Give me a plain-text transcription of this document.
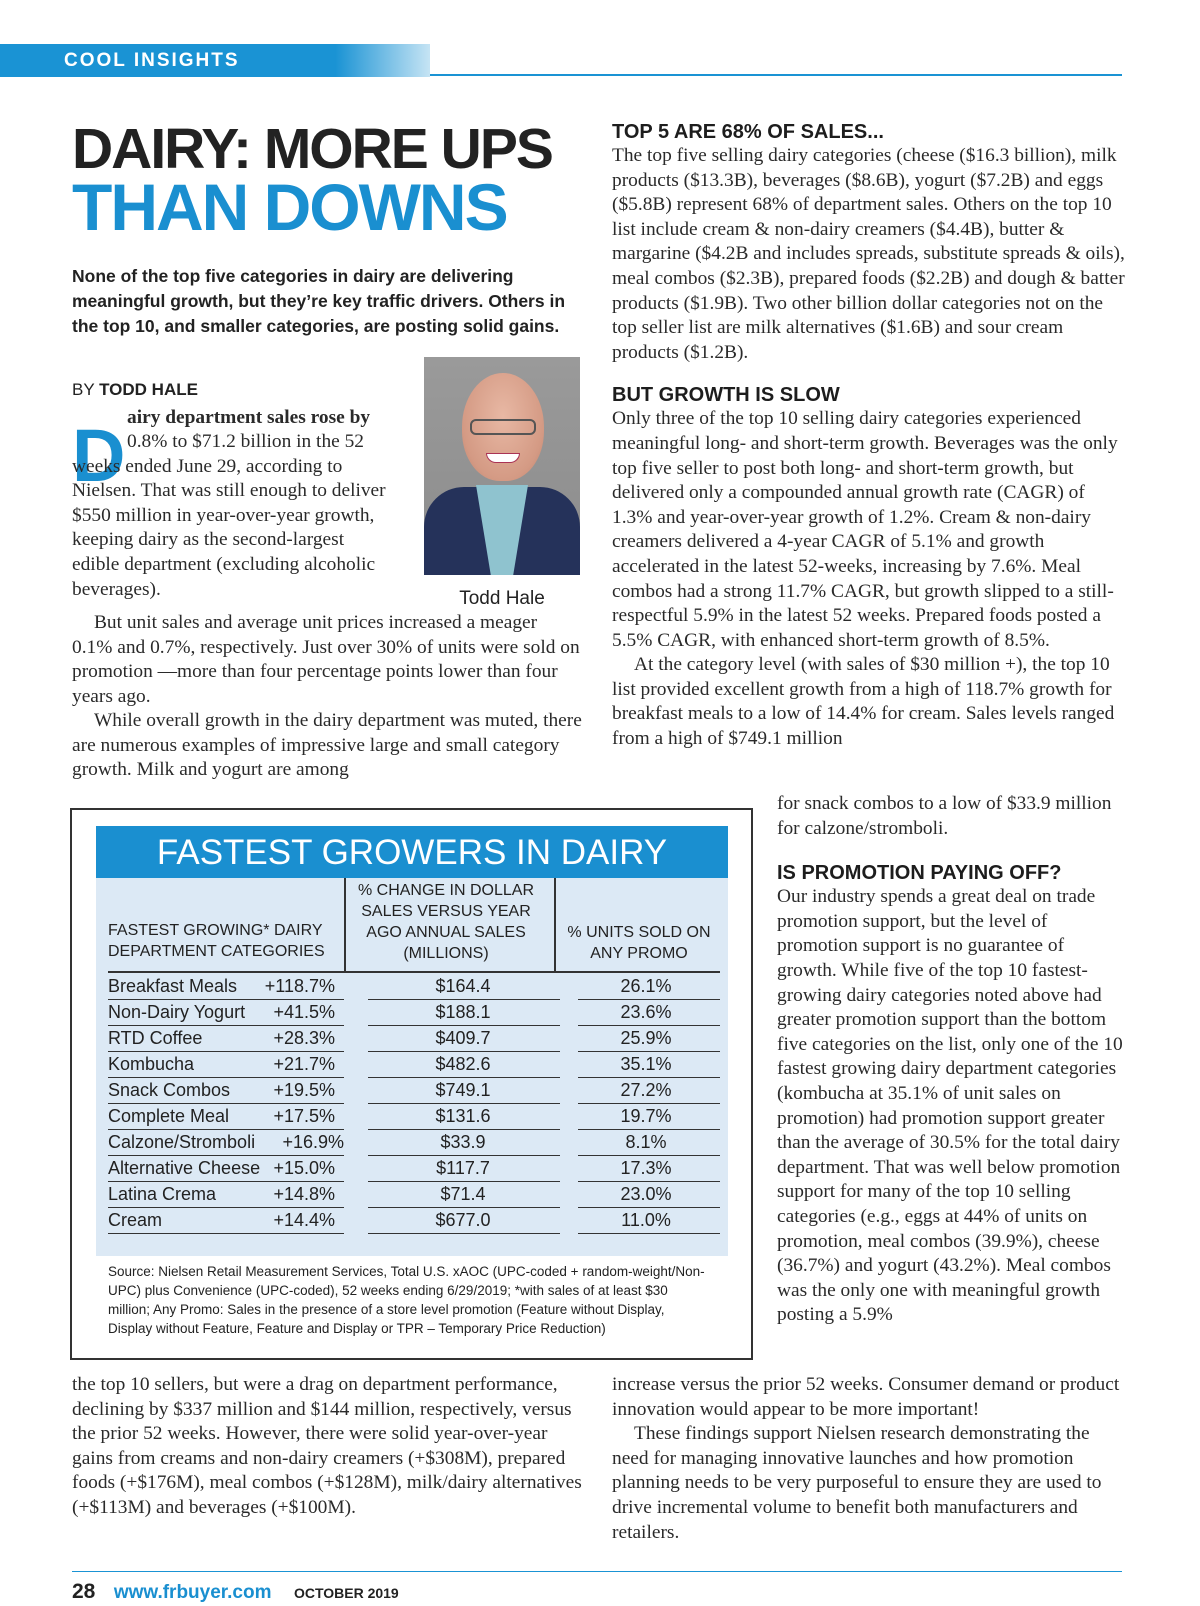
COOL INSIGHTS
DAIRY: MORE UPS
THAN DOWNS
None of the top five categories in dairy are delivering meaningful growth, but they’re key traffic drivers. Others in the top 10, and smaller categories, are posting solid gains.
BY TODD HALE
Todd Hale
D airy department sales rose by
0.8% to $71.2 billion in the 52 weeks ended June 29, according to Nielsen. That was still enough to deliver $550 million in year-over-year growth, keeping dairy as the second-largest edible department (excluding alcoholic beverages).
But unit sales and average unit prices increased a meager 0.1% and 0.7%, respectively. Just over 30% of units were sold on promotion —more than four percentage points lower than four years ago.
While overall growth in the dairy department was muted, there are numerous examples of impressive large and small category growth. Milk and yogurt are among
FASTEST GROWERS IN DAIRY
FASTEST GROWING* DAIRY DEPARTMENT CATEGORIES
% CHANGE IN DOLLAR SALES VERSUS YEAR AGO ANNUAL SALES (MILLIONS)
% UNITS SOLD ON ANY PROMO
Breakfast Meals	+118.7%	$164.4	26.1%
Non-Dairy Yogurt	+41.5%	$188.1	23.6%
RTD Coffee	+28.3%	$409.7	25.9%
Kombucha	+21.7%	$482.6	35.1%
Snack Combos	+19.5%	$749.1	27.2%
Complete Meal	+17.5%	$131.6	19.7%
Calzone/Stromboli	+16.9%	$33.9	8.1%
Alternative Cheese +15.0%	$117.7	17.3%
Latina Crema	+14.8%	$71.4	23.0%
Cream	+14.4%	$677.0	11.0%
Source: Nielsen Retail Measurement Services, Total U.S. xAOC (UPC-coded + random-weight/Non-UPC) plus Convenience (UPC-coded), 52 weeks ending 6/29/2019; *with sales of at least $30 million; Any Promo: Sales in the presence of a store level promotion (Feature without Display, Display without Feature, Feature and Display or TPR – Temporary Price Reduction)
the top 10 sellers, but were a drag on department performance, declining by $337 million and $144 million, respectively, versus the prior 52 weeks. However, there were solid year-over-year gains from creams and non-dairy creamers (+$308M), prepared foods (+$176M), meal combos (+$128M), milk/dairy alternatives (+$113M) and beverages (+$100M).
TOP 5 ARE 68% OF SALES...
The top five selling dairy categories (cheese ($16.3 billion), milk products ($13.3B), beverages ($8.6B), yogurt ($7.2B) and eggs ($5.8B) represent 68% of department sales. Others on the top 10 list include cream & non-dairy creamers ($4.4B), butter & margarine ($4.2B and includes spreads, substitute spreads & oils), meal combos ($2.3B), prepared foods ($2.2B) and dough & batter products ($1.9B). Two other billion dollar categories not on the top seller list are milk alternatives ($1.6B) and sour cream products ($1.2B).
BUT GROWTH IS SLOW
Only three of the top 10 selling dairy categories experienced meaningful long- and short-term growth. Beverages was the only top five seller to post both long- and short-term growth, but delivered only a compounded annual growth rate (CAGR) of 1.3% and year-over-year growth of 1.2%. Cream & non-dairy creamers delivered a 4-year CAGR of 5.1% and growth accelerated in the latest 52-weeks, increasing by 7.6%. Meal combos had a strong 11.7% CAGR, but growth slipped to a still-respectful 5.9% in the latest 52 weeks. Prepared foods posted a 5.5% CAGR, with enhanced short-term growth of 8.5%.
At the category level (with sales of $30 million +), the top 10 list provided excellent growth from a high of 118.7% growth for breakfast meals to a low of 14.4% for cream. Sales levels ranged from a high of $749.1 million
for snack combos to a low of $33.9 million for calzone/stromboli.
IS PROMOTION PAYING OFF?
Our industry spends a great deal on trade promotion support, but the level of promotion support is no guarantee of growth. While five of the top 10 fastest-growing dairy categories noted above had greater promotion support than the bottom five categories on the list, only one of the 10 fastest growing dairy department categories (kombucha at 35.1% of unit sales on promotion) had promotion support greater than the average of 30.5% for the total dairy department. That was well below promotion support for many of the top 10 selling categories (e.g., eggs at 44% of units on promotion, meal combos (39.9%), cheese (36.7%) and yogurt (43.2%). Meal combos was the only one with meaningful growth posting a 5.9%
increase versus the prior 52 weeks. Consumer demand or product innovation would appear to be more important!
These findings support Nielsen research demonstrating the need for managing innovative launches and how promotion planning needs to be very purposeful to ensure they are used to drive incremental volume to benefit both manufacturers and retailers.
28 www.frbuyer.com OCTOBER 2019
